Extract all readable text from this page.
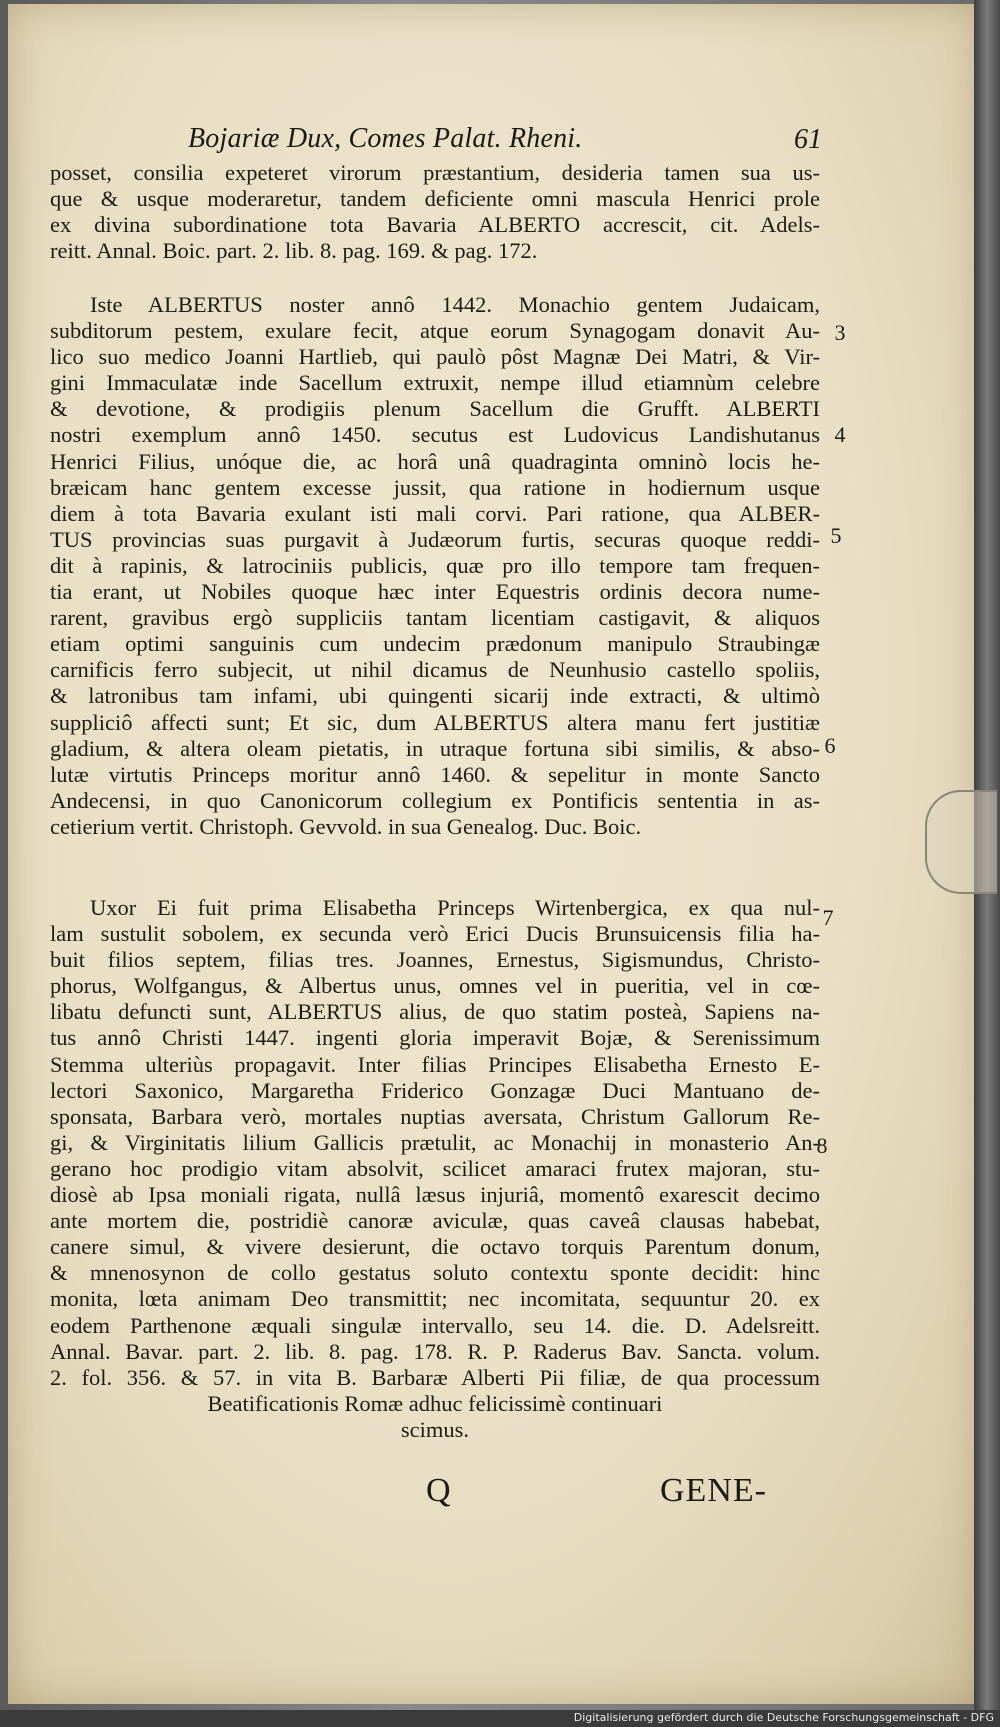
Bojariæ Dux, Comes Palat. Rheni.	61
posset, consilia expeteret virorum præstantium, desideria tamen sua us-
que & usque moderaretur, tandem deficiente omni mascula Henrici prole
ex divina subordinatione tota Bavaria ALBERTO accrescit, cit. Adels-
reitt. Annal. Boic. part. 2. lib. 8. pag. 169. & pag. 172.
Iste ALBERTUS noster annô 1442. Monachio gentem Judaicam,
subditorum pestem, exulare fecit, atque eorum Synagogam donavit Au-
lico suo medico Joanni Hartlieb, qui paulò pôst Magnæ Dei Matri, & Vir-
gini Immaculatæ inde Sacellum extruxit, nempe illud etiamnùm celebre
& devotione, & prodigiis plenum Sacellum die Grufft. ALBERTI
nostri exemplum annô 1450. secutus est Ludovicus Landishutanus
Henrici Filius, unóque die, ac horâ unâ quadraginta omninò locis he-
bræicam hanc gentem excesse jussit, qua ratione in hodiernum usque
diem à tota Bavaria exulant isti mali corvi. Pari ratione, qua ALBER-
TUS provincias suas purgavit à Judæorum furtis, securas quoque reddi-
dit à rapinis, & latrociniis publicis, quæ pro illo tempore tam frequen-
tia erant, ut Nobiles quoque hæc inter Equestris ordinis decora nume-
rarent, gravibus ergò suppliciis tantam licentiam castigavit, & aliquos
etiam optimi sanguinis cum undecim prædonum manipulo Straubingæ
carnificis ferro subjecit, ut nihil dicamus de Neunhusio castello spoliis,
& latronibus tam infami, ubi quingenti sicarij inde extracti, & ultimò
suppliciô affecti sunt; Et sic, dum ALBERTUS altera manu fert justitiæ
gladium, & altera oleam pietatis, in utraque fortuna sibi similis, & abso-
lutæ virtutis Princeps moritur annô 1460. & sepelitur in monte Sancto
Andecensi, in quo Canonicorum collegium ex Pontificis sententia in as-
cetierium vertit. Christoph. Gevvold. in sua Genealog. Duc. Boic.
Uxor Ei fuit prima Elisabetha Princeps Wirtenbergica, ex qua nul-
lam sustulit sobolem, ex secunda verò Erici Ducis Brunsuicensis filia ha-
buit filios septem, filias tres. Joannes, Ernestus, Sigismundus, Christo-
phorus, Wolfgangus, & Albertus unus, omnes vel in pueritia, vel in cœ-
libatu defuncti sunt, ALBERTUS alius, de quo statim posteà, Sapiens na-
tus annô Christi 1447. ingenti gloria imperavit Bojæ, & Serenissimum
Stemma ulteriùs propagavit. Inter filias Principes Elisabetha Ernesto E-
lectori Saxonico, Margaretha Friderico Gonzagæ Duci Mantuano de-
sponsata, Barbara verò, mortales nuptias aversata, Christum Gallorum Re-
gi, & Virginitatis lilium Gallicis prætulit, ac Monachij in monasterio An-
gerano hoc prodigio vitam absolvit, scilicet amaraci frutex majoran, stu-
diosè ab Ipsa moniali rigata, nullâ læsus injuriâ, momentô exarescit decimo
ante mortem die, postridiè canoræ aviculæ, quas caveâ clausas habebat,
canere simul, & vivere desierunt, die octavo torquis Parentum donum,
& mnenosynon de collo gestatus soluto contextu sponte decidit: hinc
monita, lœta animam Deo transmittit; nec incomitata, sequuntur 20. ex
eodem Parthenone æquali singulæ intervallo, seu 14. die. D. Adelsreitt.
Annal. Bavar. part. 2. lib. 8. pag. 178. R. P. Raderus Bav. Sancta. volum.
2. fol. 356. & 57. in vita B. Barbaræ Alberti Pii filiæ, de qua processum
Beatificationis Romæ adhuc felicissimè continuari
scimus.
3
4
5
6
7
8
Q	GENE-
Digitalisierung gefördert durch die Deutsche Forschungsgemeinschaft - DFG
